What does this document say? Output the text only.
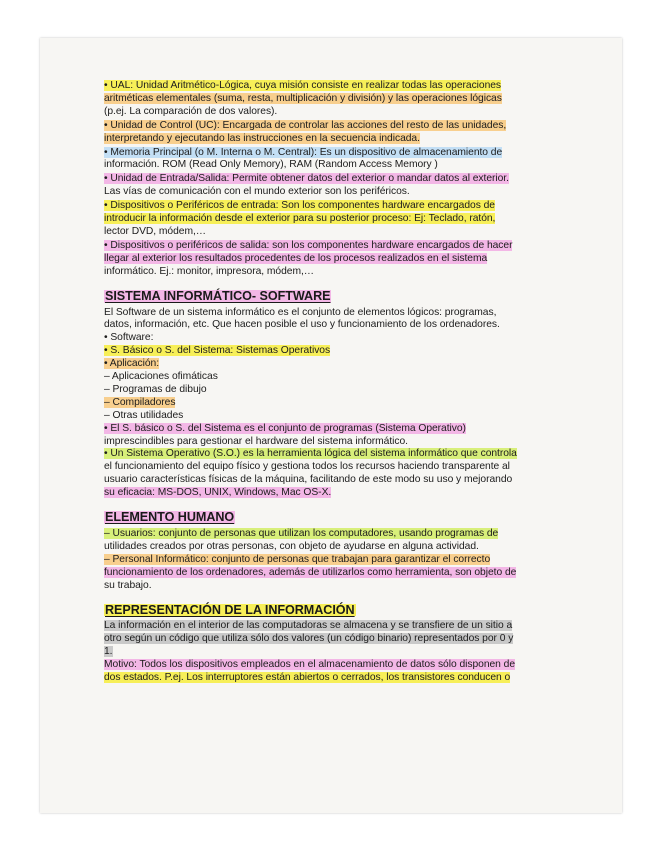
• UAL: Unidad Aritmético-Lógica, cuya misión consiste en realizar todas las operaciones
aritméticas elementales (suma, resta, multiplicación y división) y las operaciones lógicas
(p.ej. La comparación de dos valores).
• Unidad de Control (UC): Encargada de controlar las acciones del resto de las unidades,
interpretando y ejecutando las instrucciones en la secuencia indicada.
• Memoria Principal (o M. Interna o M. Central): Es un dispositivo de almacenamiento de
información. ROM (Read Only Memory), RAM (Random Access Memory )
• Unidad de Entrada/Salida: Permite obtener datos del exterior o mandar datos al exterior.
Las vías de comunicación con el mundo exterior son los periféricos.
• Dispositivos o Periféricos de entrada: Son los componentes hardware encargados de
introducir la información desde el exterior para su posterior proceso: Ej: Teclado, ratón,
lector DVD, módem,…
• Dispositivos o periféricos de salida: son los componentes hardware encargados de hacer
llegar al exterior los resultados procedentes de los procesos realizados en el sistema
informático. Ej.: monitor, impresora, módem,…
SISTEMA INFORMÁTICO- SOFTWARE
El Software de un sistema informático es el conjunto de elementos lógicos: programas,
datos, información, etc. Que hacen posible el uso y funcionamiento de los ordenadores.
• Software:
• S. Básico o S. del Sistema: Sistemas Operativos
• Aplicación:
– Aplicaciones ofimáticas
– Programas de dibujo
– Compiladores
– Otras utilidades
• El S. básico o S. del Sistema es el conjunto de programas (Sistema Operativo)
imprescindibles para gestionar el hardware del sistema informático.
• Un Sistema Operativo (S.O.) es la herramienta lógica del sistema informático que controla
el funcionamiento del equipo físico y gestiona todos los recursos haciendo transparente al
usuario características físicas de la máquina, facilitando de este modo su uso y mejorando
su eficacia: MS-DOS, UNIX, Windows, Mac OS-X.
ELEMENTO HUMANO
– Usuarios: conjunto de personas que utilizan los computadores, usando programas de
utilidades creados por otras personas, con objeto de ayudarse en alguna actividad.
– Personal Informático: conjunto de personas que trabajan para garantizar el correcto
funcionamiento de los ordenadores, además de utilizarlos como herramienta, son objeto de
su trabajo.
REPRESENTACIÓN DE LA INFORMACIÓN
La información en el interior de las computadoras se almacena y se transfiere de un sitio a
otro según un código que utiliza sólo dos valores (un código binario) representados por 0 y
1.
Motivo: Todos los dispositivos empleados en el almacenamiento de datos sólo disponen de
dos estados. P.ej. Los interruptores están abiertos o cerrados, los transistores conducen o
